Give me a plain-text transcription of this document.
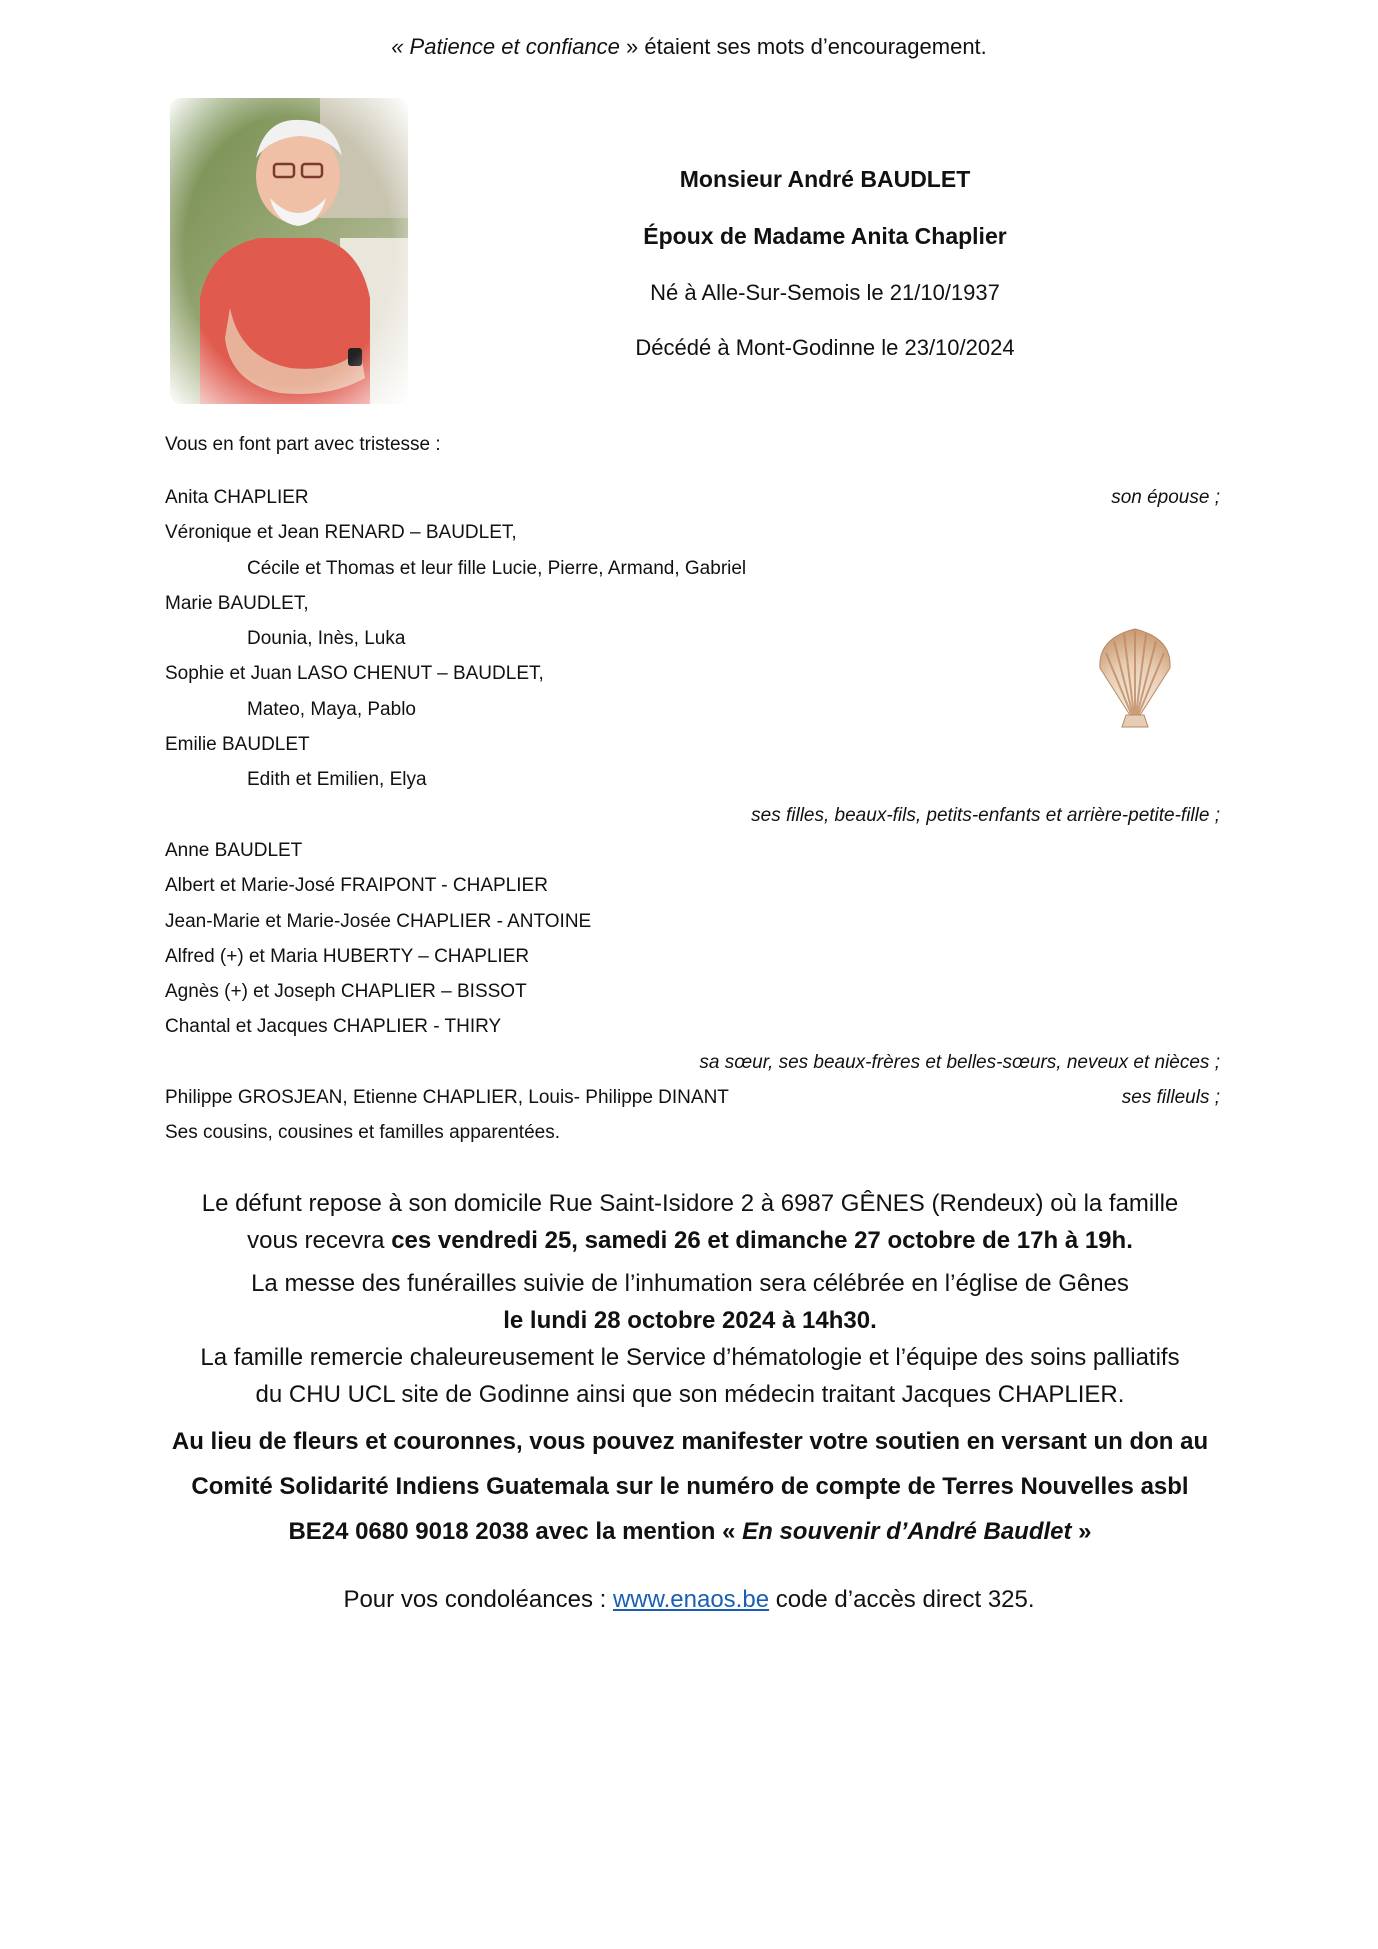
« Patience et confiance » étaient ses mots d’encouragement.

Monsieur André BAUDLET

Époux de Madame Anita Chaplier

Né à Alle-Sur-Semois le 21/10/1937

Décédé à Mont-Godinne le 23/10/2024

Vous en font part avec tristesse :
Anita CHAPLIER	son épouse ;
Véronique et Jean RENARD – BAUDLET,
Cécile et Thomas et leur fille Lucie, Pierre, Armand, Gabriel
Marie BAUDLET,
Dounia, Inès, Luka
Sophie et Juan LASO CHENUT – BAUDLET,
Mateo, Maya, Pablo
Emilie BAUDLET
Edith et Emilien, Elya
ses filles, beaux-fils, petits-enfants et arrière-petite-fille ;
Anne BAUDLET
Albert et Marie-José FRAIPONT - CHAPLIER
Jean-Marie et Marie-Josée CHAPLIER - ANTOINE
Alfred (+) et Maria HUBERTY – CHAPLIER
Agnès (+) et Joseph CHAPLIER – BISSOT
Chantal et Jacques CHAPLIER - THIRY
sa sœur, ses beaux-frères et belles-sœurs, neveux et nièces ;
Philippe GROSJEAN, Etienne CHAPLIER, Louis- Philippe DINANT	ses filleuls ;
Ses cousins, cousines et familles apparentées.

Le défunt repose à son domicile Rue Saint-Isidore 2 à 6987 GÊNES (Rendeux) où la famille

vous recevra ces vendredi 25, samedi 26 et dimanche 27 octobre de 17h à 19h.

La messe des funérailles suivie de l’inhumation sera célébrée en l’église de Gênes

le lundi 28 octobre 2024 à 14h30.

La famille remercie chaleureusement le Service d’hématologie et l’équipe des soins palliatifs

du CHU UCL site de Godinne ainsi que son médecin traitant Jacques CHAPLIER.

Au lieu de fleurs et couronnes, vous pouvez manifester votre soutien en versant un don au

Comité Solidarité Indiens Guatemala sur le numéro de compte de Terres Nouvelles asbl

BE24 0680 9018 2038 avec la mention « En souvenir d’André Baudlet »

Pour vos condoléances : www.enaos.be code d’accès direct 325.
